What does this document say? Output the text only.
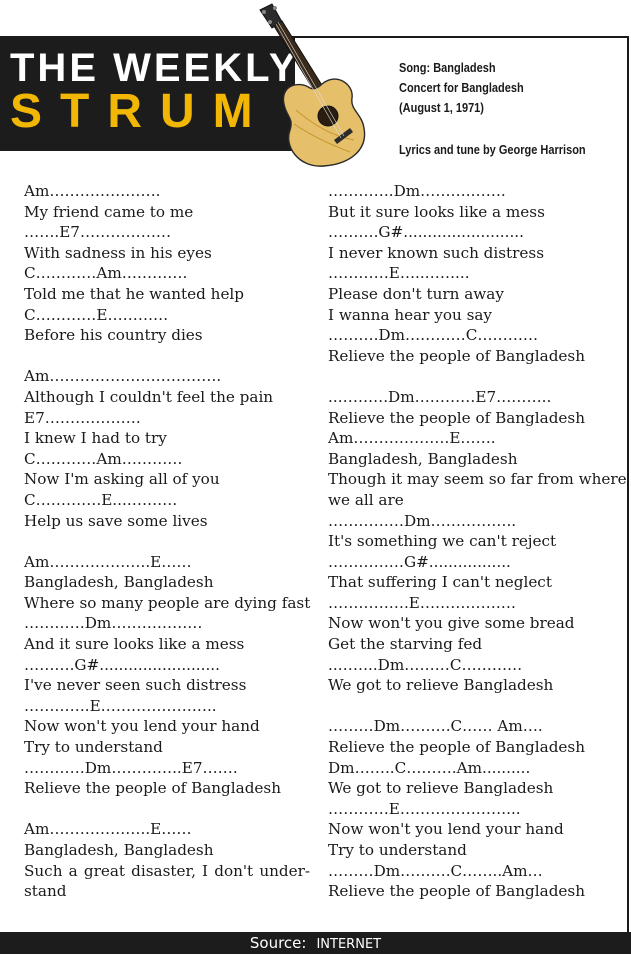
THE WEEKLY
STRUM
Song: Bangladesh
Concert for Bangladesh
(August 1, 1971)
Lyrics and tune by George Harrison
Am………………….
My friend came to me
…….E7………………
With sadness in his eyes
C…………Am………….
Told me that he wanted help
C…………E…………
Before his country dies
Am…………………………….
Although I couldn't feel the pain
E7……………….
I knew I had to try
C…………Am…………
Now I'm asking all of you
C………….E...……….
Help us save some lives
Am………………..E……
Bangladesh, Bangladesh
Where so many people are dying fast
…………Dm………………
And it sure looks like a mess
……….G#.........................
I've never seen such distress
………….E…………………..
Now won't you lend your hand
Try to understand
…………Dm…………..E7…….
Relieve the people of Bangladesh
Am………………..E……
Bangladesh, Bangladesh
Such a great disaster, I don't under-
stand
………….Dm……….…….
But it sure looks like a mess
……….G#.........................
I never known such distress
…………E…..……...
Please don't turn away
I wanna hear you say
……….Dm…………C…………
Relieve the people of Bangladesh
..……….Dm…………E7………..
Relieve the people of Bangladesh
Am……………….E…….
Bangladesh, Bangladesh
Though it may seem so far from where
we all are
……………Dm……………..
It's something we can't reject
……………G#.................
That suffering I can't neglect
…………….E……………….
Now won't you give some bread
Get the starving fed
..……..Dm………C…………
We got to relieve Bangladesh
………Dm……….C…… Am….
Relieve the people of Bangladesh
Dm……..C……….Am..........
We got to relieve Bangladesh
…………E…………………...
Now won't you lend your hand
Try to understand
………Dm……….C……..Am…
Relieve the people of Bangladesh
Source: INTERNET
